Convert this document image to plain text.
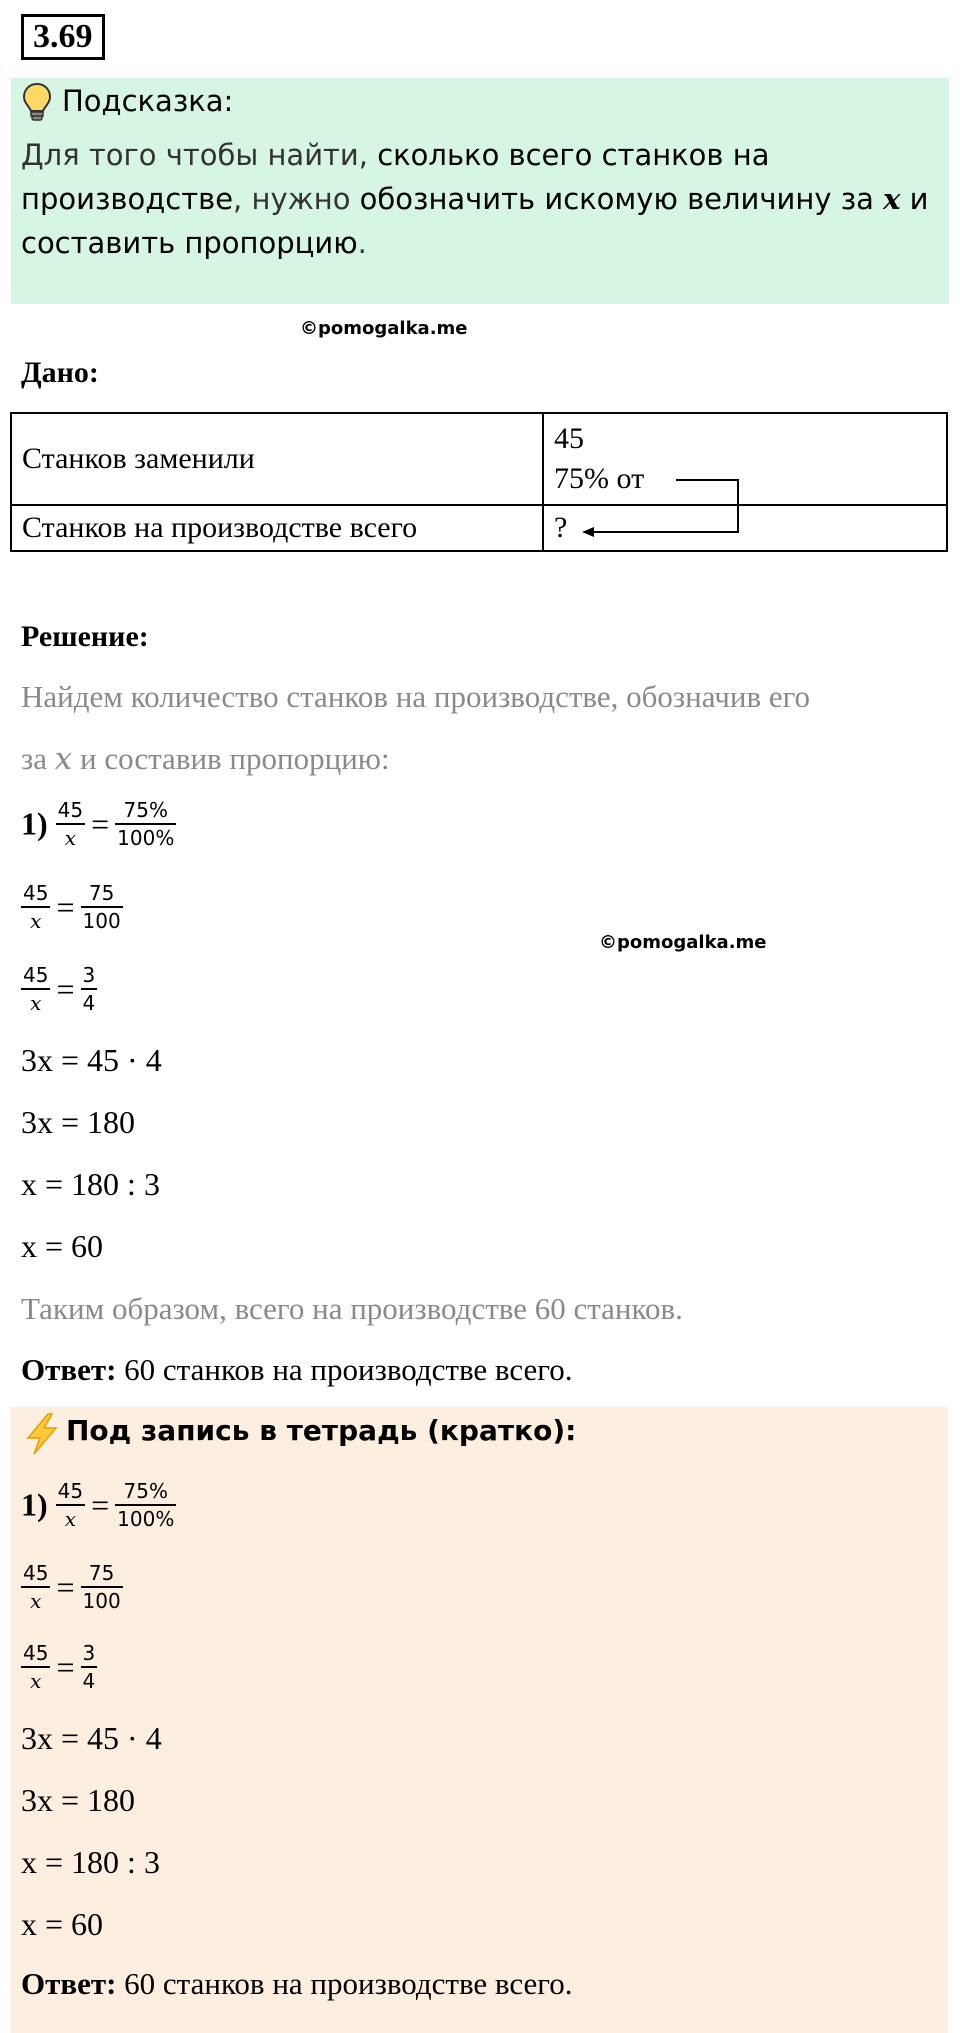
3.69
Подсказка:
Для того чтобы найти, сколько всего станков на производстве, нужно обозначить искомую величину за x и составить пропорцию.
©pomogalka.me
Дано:
Станков заменили	45
75% от

Станков на производстве всего	?
Решение:
Найдем количество станков на производстве, обозначив его
за x и составив пропорцию:
$1) \frac{45}{x} = \frac{75\%}{100\%}$
$\frac{45}{x} = \frac{75}{100}$
©pomogalka.me
$\frac{45}{x} = \frac{3}{4}$
3x = 45 · 4
3x = 180
x = 180 : 3
x = 60
Таким образом, всего на производстве 60 станков.
Ответ: 60 станков на производстве всего.
Под запись в тетрадь (кратко):
$1) \frac{45}{x} = \frac{75\%}{100\%}$
$\frac{45}{x} = \frac{75}{100}$
$\frac{45}{x} = \frac{3}{4}$
3x = 45 · 4
3x = 180
x = 180 : 3
x = 60
Ответ: 60 станков на производстве всего.
